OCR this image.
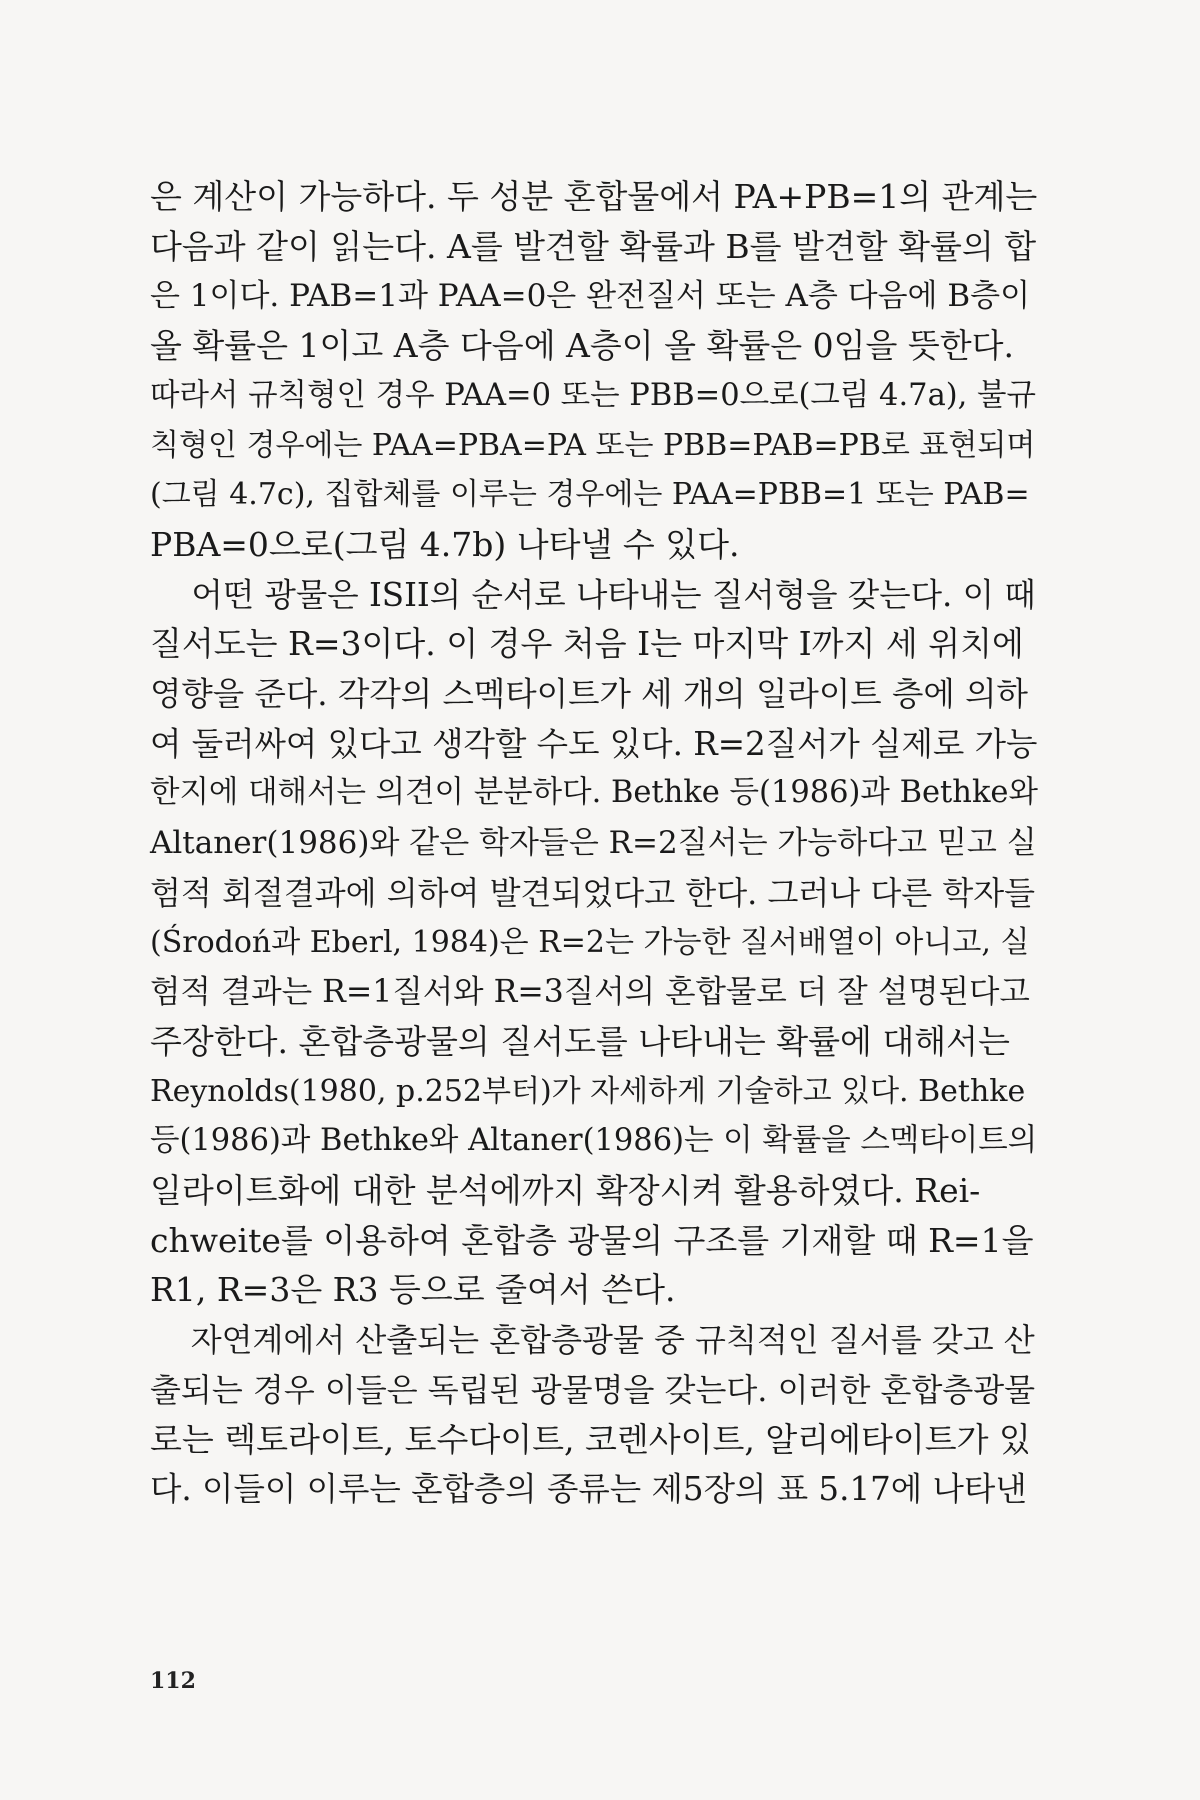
은 계산이 가능하다. 두 성분 혼합물에서 PA+PB=1의 관계는
다음과 같이 읽는다. A를 발견할 확률과 B를 발견할 확률의 합
은 1이다. PAB=1과 PAA=0은 완전질서 또는 A층 다음에 B층이
올 확률은 1이고 A층 다음에 A층이 올 확률은 0임을 뜻한다.
따라서 규칙형인 경우 PAA=0 또는 PBB=0으로(그림 4.7a), 불규
칙형인 경우에는 PAA=PBA=PA 또는 PBB=PAB=PB로 표현되며
(그림 4.7c), 집합체를 이루는 경우에는 PAA=PBB=1 또는 PAB=
PBA=0으로(그림 4.7b) 나타낼 수 있다.
어떤 광물은 ISII의 순서로 나타내는 질서형을 갖는다. 이 때
질서도는 R=3이다. 이 경우 처음 I는 마지막 I까지 세 위치에
영향을 준다. 각각의 스멕타이트가 세 개의 일라이트 층에 의하
여 둘러싸여 있다고 생각할 수도 있다. R=2질서가 실제로 가능
한지에 대해서는 의견이 분분하다. Bethke 등(1986)과 Bethke와
Altaner(1986)와 같은 학자들은 R=2질서는 가능하다고 믿고 실
험적 회절결과에 의하여 발견되었다고 한다. 그러나 다른 학자들
(Środoń과 Eberl, 1984)은 R=2는 가능한 질서배열이 아니고, 실
험적 결과는 R=1질서와 R=3질서의 혼합물로 더 잘 설명된다고
주장한다. 혼합층광물의 질서도를 나타내는 확률에 대해서는
Reynolds(1980, p.252부터)가 자세하게 기술하고 있다. Bethke
등(1986)과 Bethke와 Altaner(1986)는 이 확률을 스멕타이트의
일라이트화에 대한 분석에까지 확장시켜 활용하였다. Rei-
chweite를 이용하여 혼합층 광물의 구조를 기재할 때 R=1을
R1, R=3은 R3 등으로 줄여서 쓴다.
자연계에서 산출되는 혼합층광물 중 규칙적인 질서를 갖고 산
출되는 경우 이들은 독립된 광물명을 갖는다. 이러한 혼합층광물
로는 렉토라이트, 토수다이트, 코렌사이트, 알리에타이트가 있
다. 이들이 이루는 혼합층의 종류는 제5장의 표 5.17에 나타낸
112
